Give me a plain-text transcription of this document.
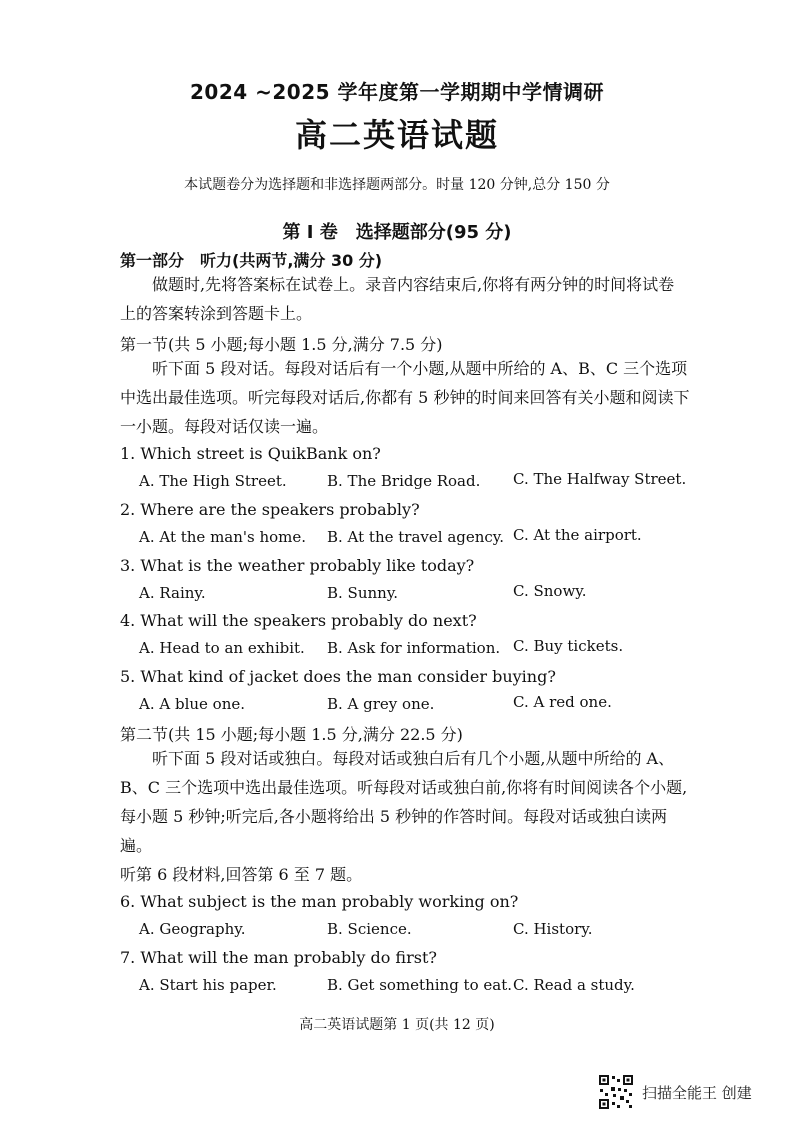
2024 ~2025 学年度第一学期期中学情调研
高二英语试题
本试题卷分为选择题和非选择题两部分。时量 120 分钟,总分 150 分
第 Ⅰ 卷　选择题部分(95 分)
第一部分　听力(共两节,满分 30 分)
做题时,先将答案标在试卷上。录音内容结束后,你将有两分钟的时间将试卷上的答案转涂到答题卡上。
第一节(共 5 小题;每小题 1.5 分,满分 7.5 分)
听下面 5 段对话。每段对话后有一个小题,从题中所给的 A、B、C 三个选项中选出最佳选项。听完每段对话后,你都有 5 秒钟的时间来回答有关小题和阅读下一小题。每段对话仅读一遍。
1. Which street is QuikBank on?
A. The High Street.	B. The Bridge Road. C. The Halfway Street.
2. Where are the speakers probably?
A. At the man's home. B. At the travel agency. C. At the airport.
3. What is the weather probably like today?
A. Rainy.	B. Sunny.	C. Snowy.
4. What will the speakers probably do next?
A. Head to an exhibit. B. Ask for information. C. Buy tickets.
5. What kind of jacket does the man consider buying?
A. A blue one.	B. A grey one.	C. A red one.
第二节(共 15 小题;每小题 1.5 分,满分 22.5 分)
听下面 5 段对话或独白。每段对话或独白后有几个小题,从题中所给的 A、B、C 三个选项中选出最佳选项。听每段对话或独白前,你将有时间阅读各个小题,每小题 5 秒钟;听完后,各小题将给出 5 秒钟的作答时间。每段对话或独白读两遍。
听第 6 段材料,回答第 6 至 7 题。
6. What subject is the man probably working on?
A. Geography.	B. Science.	C. History.
7. What will the man probably do first?
A. Start his paper.	B. Get something to eat. C. Read a study.
高二英语试题第 1 页(共 12 页)
扫描全能王 创建
